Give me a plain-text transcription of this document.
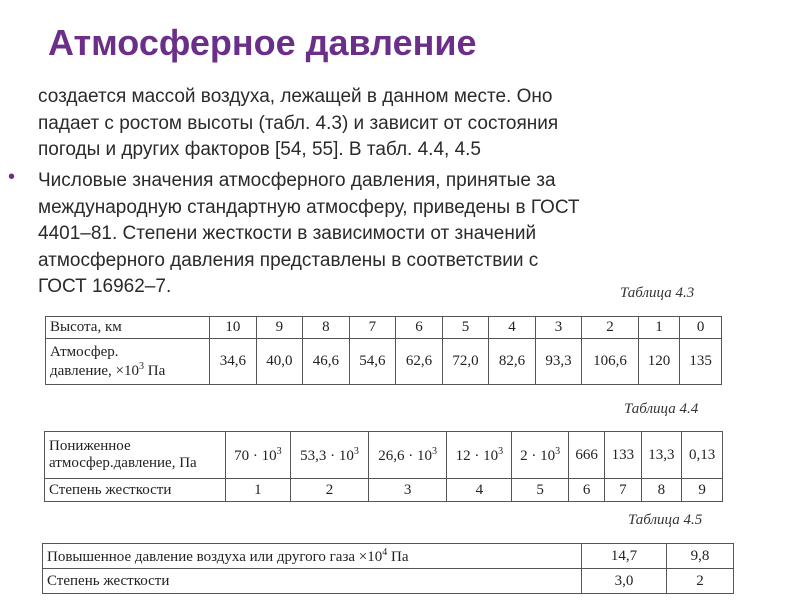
Атмосферное давление
создается массой воздуха, лежащей в данном месте. Оно
падает с ростом высоты (табл. 4.3) и зависит от состояния
погоды и других факторов [54, 55]. В табл. 4.4, 4.5
• Числовые значения атмосферного давления, принятые за
международную стандартную атмосферу, приведены в ГОСТ
4401–81. Степени жесткости в зависимости от значений
атмосферного давления представлены в соответствии с
ГОСТ 16962–7.	Таблица 4.3
Высота, км	10	9	8	7	6	5	4	3	2	1	0

Атмосфер.
давление, $\times 10^3$ Па	34,6	40,0	46,6	54,6	62,6	72,0	82,6	93,3	106,6	120	135
Таблица 4.4
Пониженное
атмосфер.давление, Па	$70 \cdot 10^3$	$53,3 \cdot 10^3$	$26,6 \cdot 10^3$	$12 \cdot 10^3$	$2 \cdot 10^3$	666	133	13,3	0,13
Степень жесткости	1	2	3	4	5	6	7	8	9
Таблица 4.5
Повышенное давление воздуха или другого газа $\times 10^4$ Па	14,7	9,8
Степень жесткости	3,0	2
